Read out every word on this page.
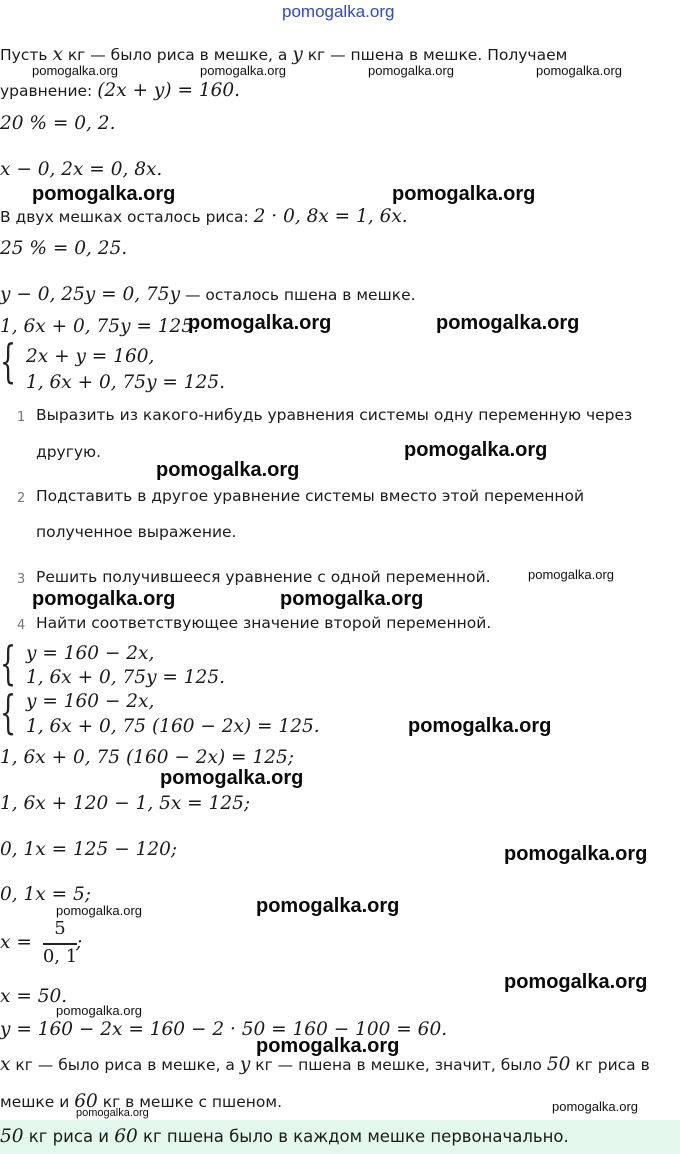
pomogalka.org
Пусть x кг — было риса в мешке, а y кг — пшена в мешке. Получаем
уравнение: (2x + y) = 160.
20 % = 0, 2.
x − 0, 2x = 0, 8x.
В двух мешках осталось риса: 2 · 0, 8x = 1, 6x.
25 % = 0, 25.
y − 0, 25y = 0, 75y — осталось пшена в мешке.
1, 6x + 0, 75y = 125.
{ 2x + y = 160,
1, 6x + 0, 75y = 125.
1 Выразить из какого-нибудь уравнения системы одну переменную через
другую.
2 Подставить в другое уравнение системы вместо этой переменной
полученное выражение.
3 Решить получившееся уравнение с одной переменной.
4 Найти соответствующее значение второй переменной.
{ y = 160 − 2x,
1, 6x + 0, 75y = 125.
{ y = 160 − 2x,
1, 6x + 0, 75 (160 − 2x) = 125.
1, 6x + 0, 75 (160 − 2x) = 125;
1, 6x + 120 − 1, 5x = 125;
0, 1x = 125 − 120;
0, 1x = 5;
x =
5
0, 1
;
x = 50.
y = 160 − 2x = 160 − 2 · 50 = 160 − 100 = 60.
x кг — было риса в мешке, а y кг — пшена в мешке, значит, было 50 кг риса в
мешке и 60 кг в мешке с пшеном.
50 кг риса и 60 кг пшена было в каждом мешке первоначально.
pomogalka.org	pomogalka.org	pomogalka.org	pomogalka.org
pomogalka.org	pomogalka.org
pomogalka.org	pomogalka.org
pomogalka.org
pomogalka.org
pomogalka.org
pomogalka.org	pomogalka.org
pomogalka.org
pomogalka.org
pomogalka.org
pomogalka.org
pomogalka.org
pomogalka.org
pomogalka.org
pomogalka.org
pomogalka.org
pomogalka.org
